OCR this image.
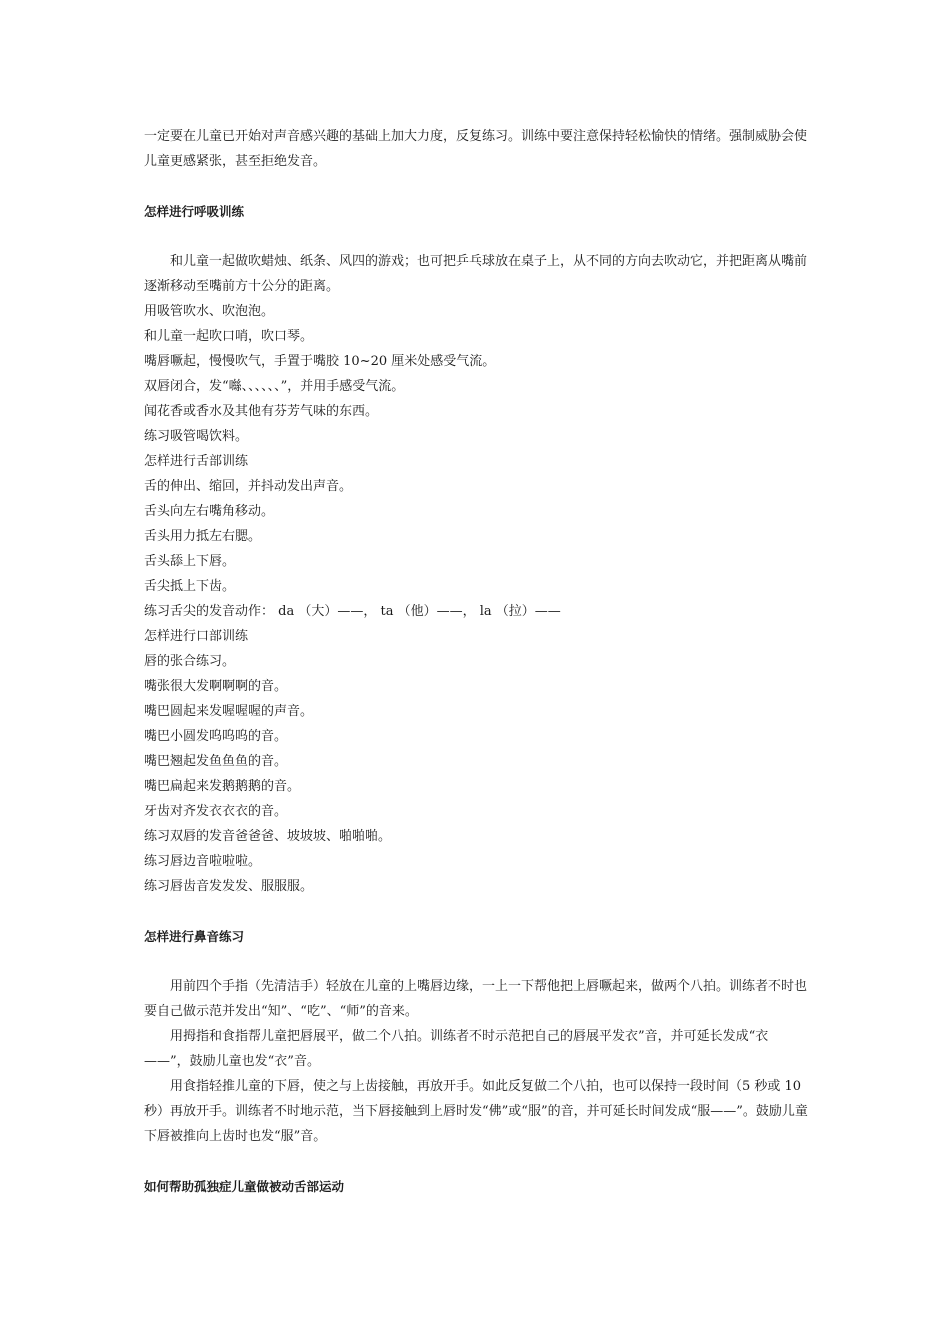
一定要在儿童已开始对声音感兴趣的基础上加大力度，反复练习。训练中要注意保持轻松愉快的情绪。强制威胁会使儿童更感紧张，甚至拒绝发音。

怎样进行呼吸训练

和儿童一起做吹蜡烛、纸条、风四的游戏；也可把乒乓球放在桌子上，从不同的方向去吹动它，并把距离从嘴前逐渐移动至嘴前方十公分的距离。

用吸管吹水、吹泡泡。

和儿童一起吹口哨，吹口琴。

嘴唇噘起，慢慢吹气，手置于嘴胶 10~20 厘米处感受气流。

双唇闭合，发“噝、、、、、、”，并用手感受气流。

闻花香或香水及其他有芬芳气味的东西。

练习吸管喝饮料。

怎样进行舌部训练

舌的伸出、缩回，并抖动发出声音。

舌头向左右嘴角移动。

舌头用力抵左右腮。

舌头舔上下唇。

舌尖抵上下齿。

练习舌尖的发音动作： da （大）——， ta （他）——， la （拉）——

怎样进行口部训练

唇的张合练习。

嘴张很大发啊啊啊的音。

嘴巴圆起来发喔喔喔的声音。

嘴巴小圆发呜呜呜的音。

嘴巴翘起发鱼鱼鱼的音。

嘴巴扁起来发鹅鹅鹅的音。

牙齿对齐发衣衣衣的音。

练习双唇的发音爸爸爸、坡坡坡、啪啪啪。

练习唇边音啦啦啦。

练习唇齿音发发发、服服服。

怎样进行鼻音练习

用前四个手指（先清洁手）轻放在儿童的上嘴唇边缘，一上一下帮他把上唇噘起来，做两个八拍。训练者不时也要自己做示范并发出“知”、“吃”、“师”的音来。

用拇指和食指帮儿童把唇展平，做二个八拍。训练者不时示范把自己的唇展平发衣”音，并可延长发成“衣——”，鼓励儿童也发“衣”音。

用食指轻推儿童的下唇，使之与上齿接触，再放开手。如此反复做二个八拍，也可以保持一段时间（5 秒或 10 秒）再放开手。训练者不时地示范，当下唇接触到上唇时发“佛”或“服”的音，并可延长时间发成“服——”。鼓励儿童下唇被推向上齿时也发“服”音。

如何帮助孤独症儿童做被动舌部运动
